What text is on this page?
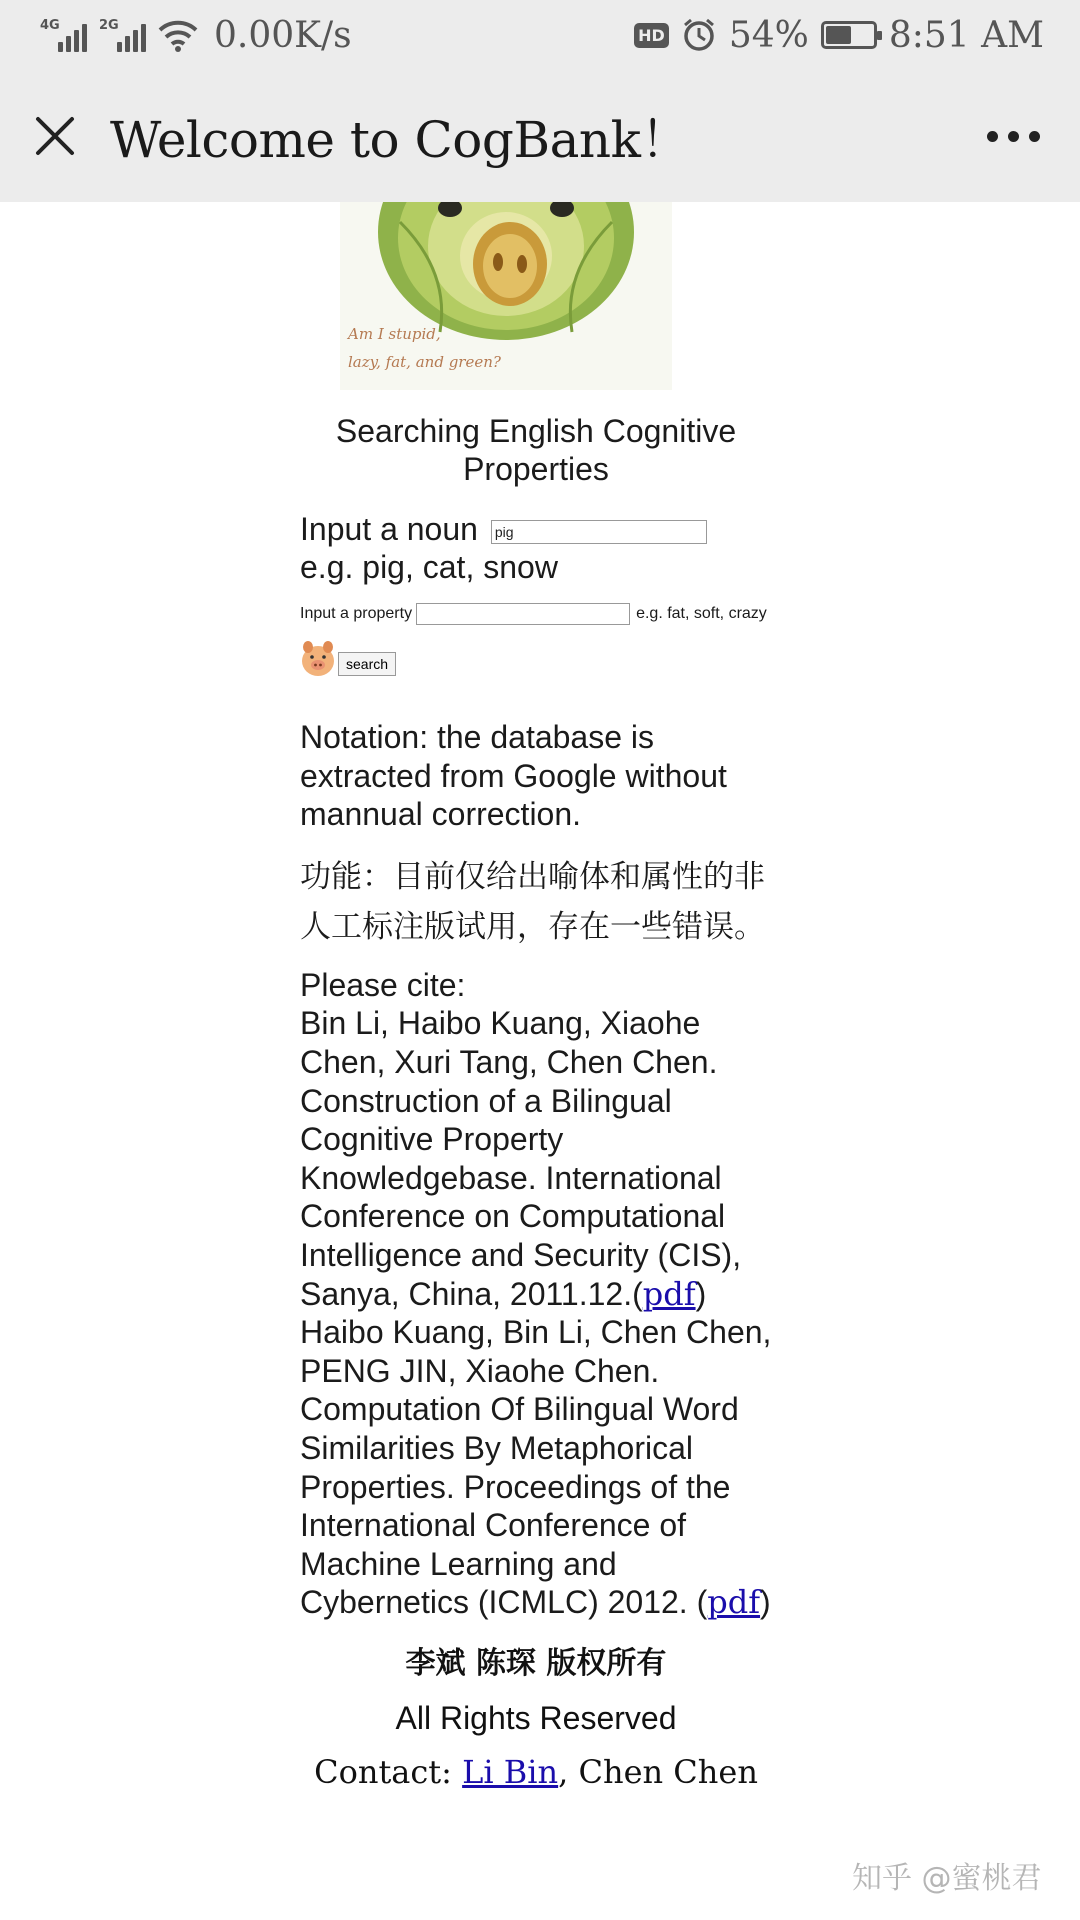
4G	2G	0.00K/s	HD 54% 8:51 AM
Welcome to CogBank！
Am I stupid,
lazy, fat, and green?
Searching English Cognitive Properties
Input a noun pig
e.g. pig, cat, snow
Input a property	e.g. fat, soft, crazy
search
Notation: the database is extracted from Google without mannual correction.
功能：目前仅给出喻体和属性的非人工标注版试用，存在一些错误。
Please cite:
Bin Li, Haibo Kuang, Xiaohe Chen, Xuri Tang, Chen Chen. Construction of a Bilingual Cognitive Property Knowledgebase. International Conference on Computational Intelligence and Security (CIS), Sanya, China, 2011.12.(pdf)
Haibo Kuang, Bin Li, Chen Chen, PENG JIN, Xiaohe Chen. Computation Of Bilingual Word Similarities By Metaphorical Properties. Proceedings of the International Conference of Machine Learning and Cybernetics (ICMLC) 2012. (pdf)
李斌 陈琛 版权所有
All Rights Reserved
Contact: Li Bin, Chen Chen
知乎 @蜜桃君
